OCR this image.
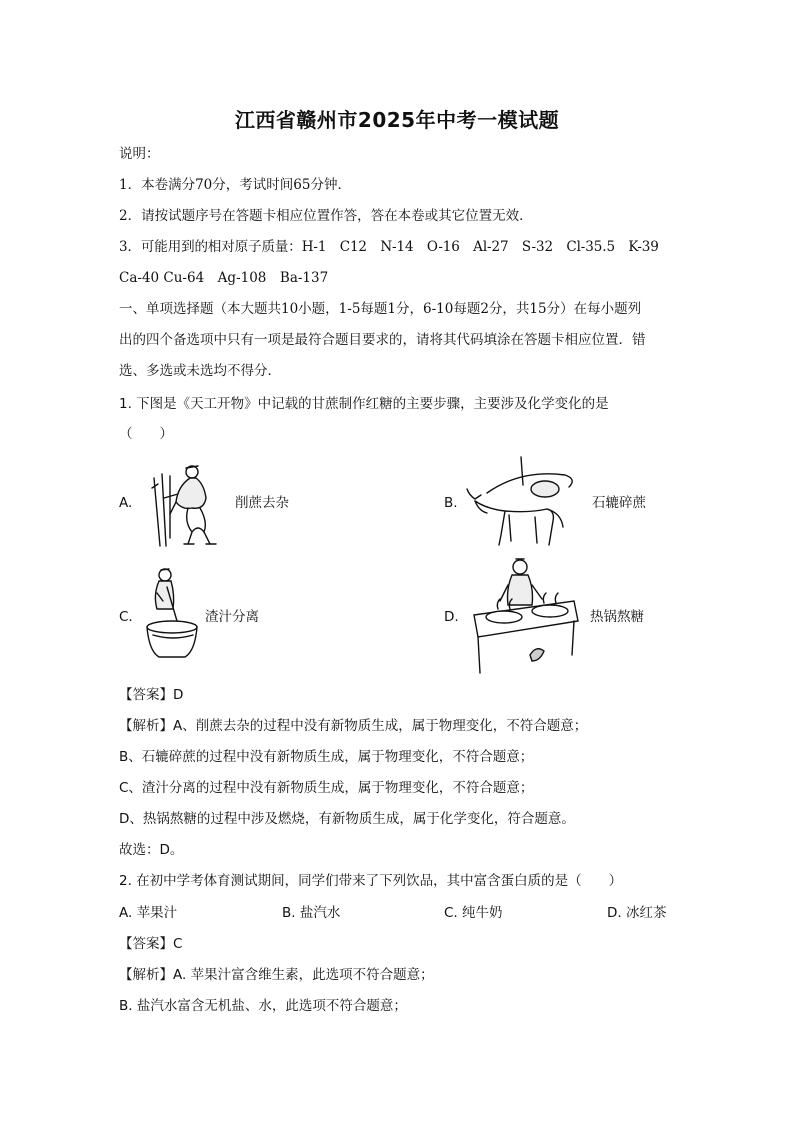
江西省赣州市2025年中考一模试题
说明：
1．本卷满分70分，考试时间65分钟．
2．请按试题序号在答题卡相应位置作答，答在本卷或其它位置无效．
3．可能用到的相对原子质量：H-1　C12　N-14　O-16　Al-27　S-32　Cl-35.5　K-39
Ca-40 Cu-64　Ag-108　Ba-137
一、单项选择题（本大题共10小题，1-5每题1分，6-10每题2分，共15分）在每小题列
出的四个备选项中只有一项是最符合题目要求的，请将其代码填涂在答题卡相应位置．错
选、多选或未选均不得分．
1. 下图是《天工开物》中记载的甘蔗制作红糖的主要步骤，主要涉及化学变化的是
（　　）
A.	削蔗去杂	B.	石辘碎蔗
C.	渣汁分离	D.	热锅熬糖
【答案】D
【解析】A、削蔗去杂的过程中没有新物质生成，属于物理变化，不符合题意；
B、石辘碎蔗的过程中没有新物质生成，属于物理变化，不符合题意；
C、渣汁分离的过程中没有新物质生成，属于物理变化，不符合题意；
D、热锅熬糖的过程中涉及燃烧，有新物质生成，属于化学变化，符合题意。
故选：D。
2. 在初中学考体育测试期间，同学们带来了下列饮品，其中富含蛋白质的是（　　）
A. 苹果汁	B. 盐汽水	C. 纯牛奶	D. 冰红茶
【答案】C
【解析】A. 苹果汁富含维生素，此选项不符合题意；
B. 盐汽水富含无机盐、水，此选项不符合题意；
